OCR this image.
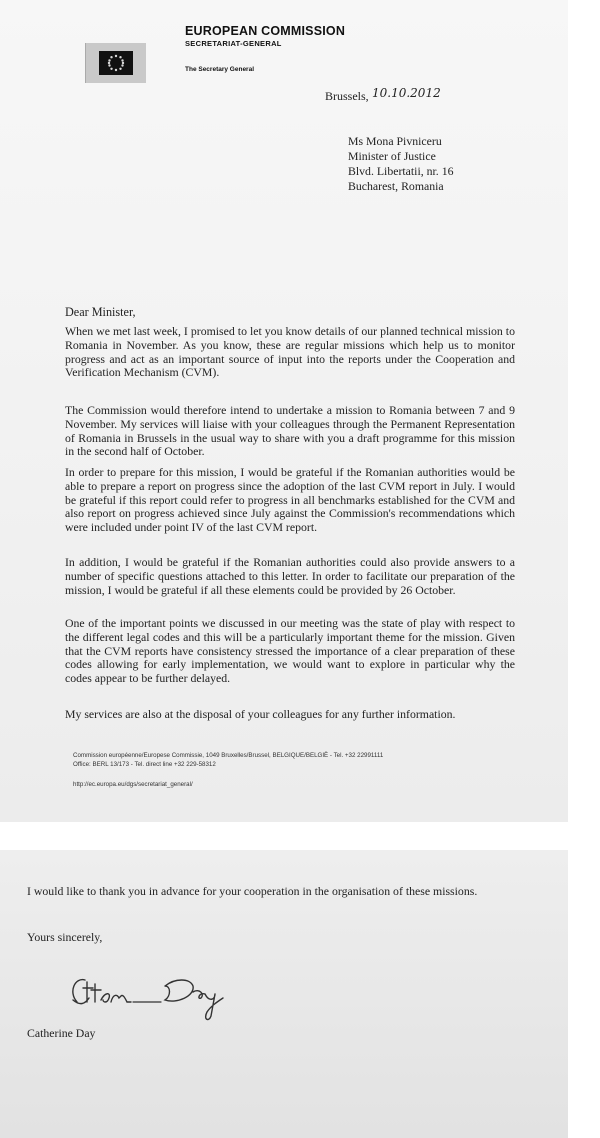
EUROPEAN COMMISSION
SECRETARIAT-GENERAL
The Secretary General
Brussels, 10.10.2012
Ms Mona Pivniceru
Minister of Justice
Blvd. Libertatii, nr. 16
Bucharest, Romania
Dear Minister,

When we met last week, I promised to let you know details of our planned technical mission to Romania in November. As you know, these are regular missions which help us to monitor progress and act as an important source of input into the reports under the Cooperation and Verification Mechanism (CVM).

The Commission would therefore intend to undertake a mission to Romania between 7 and 9 November. My services will liaise with your colleagues through the Permanent Representation of Romania in Brussels in the usual way to share with you a draft programme for this mission in the second half of October.

In order to prepare for this mission, I would be grateful if the Romanian authorities would be able to prepare a report on progress since the adoption of the last CVM report in July. I would be grateful if this report could refer to progress in all benchmarks established for the CVM and also report on progress achieved since July against the Commission's recommendations which were included under point IV of the last CVM report.

In addition, I would be grateful if the Romanian authorities could also provide answers to a number of specific questions attached to this letter. In order to facilitate our preparation of the mission, I would be grateful if all these elements could be provided by 26 October.

One of the important points we discussed in our meeting was the state of play with respect to the different legal codes and this will be a particularly important theme for the mission. Given that the CVM reports have consistency stressed the importance of a clear preparation of these codes allowing for early implementation, we would want to explore in particular why the codes appear to be further delayed.

My services are also at the disposal of your colleagues for any further information.

Commission européenne/Europese Commissie, 1049 Bruxelles/Brussel, BELGIQUE/BELGIË - Tel. +32 22991111
Office: BERL 13/173 - Tel. direct line +32 229-58312
http://ec.europa.eu/dgs/secretariat_general/
I would like to thank you in advance for your cooperation in the organisation of these missions.
Yours sincerely,
Catherine Day
